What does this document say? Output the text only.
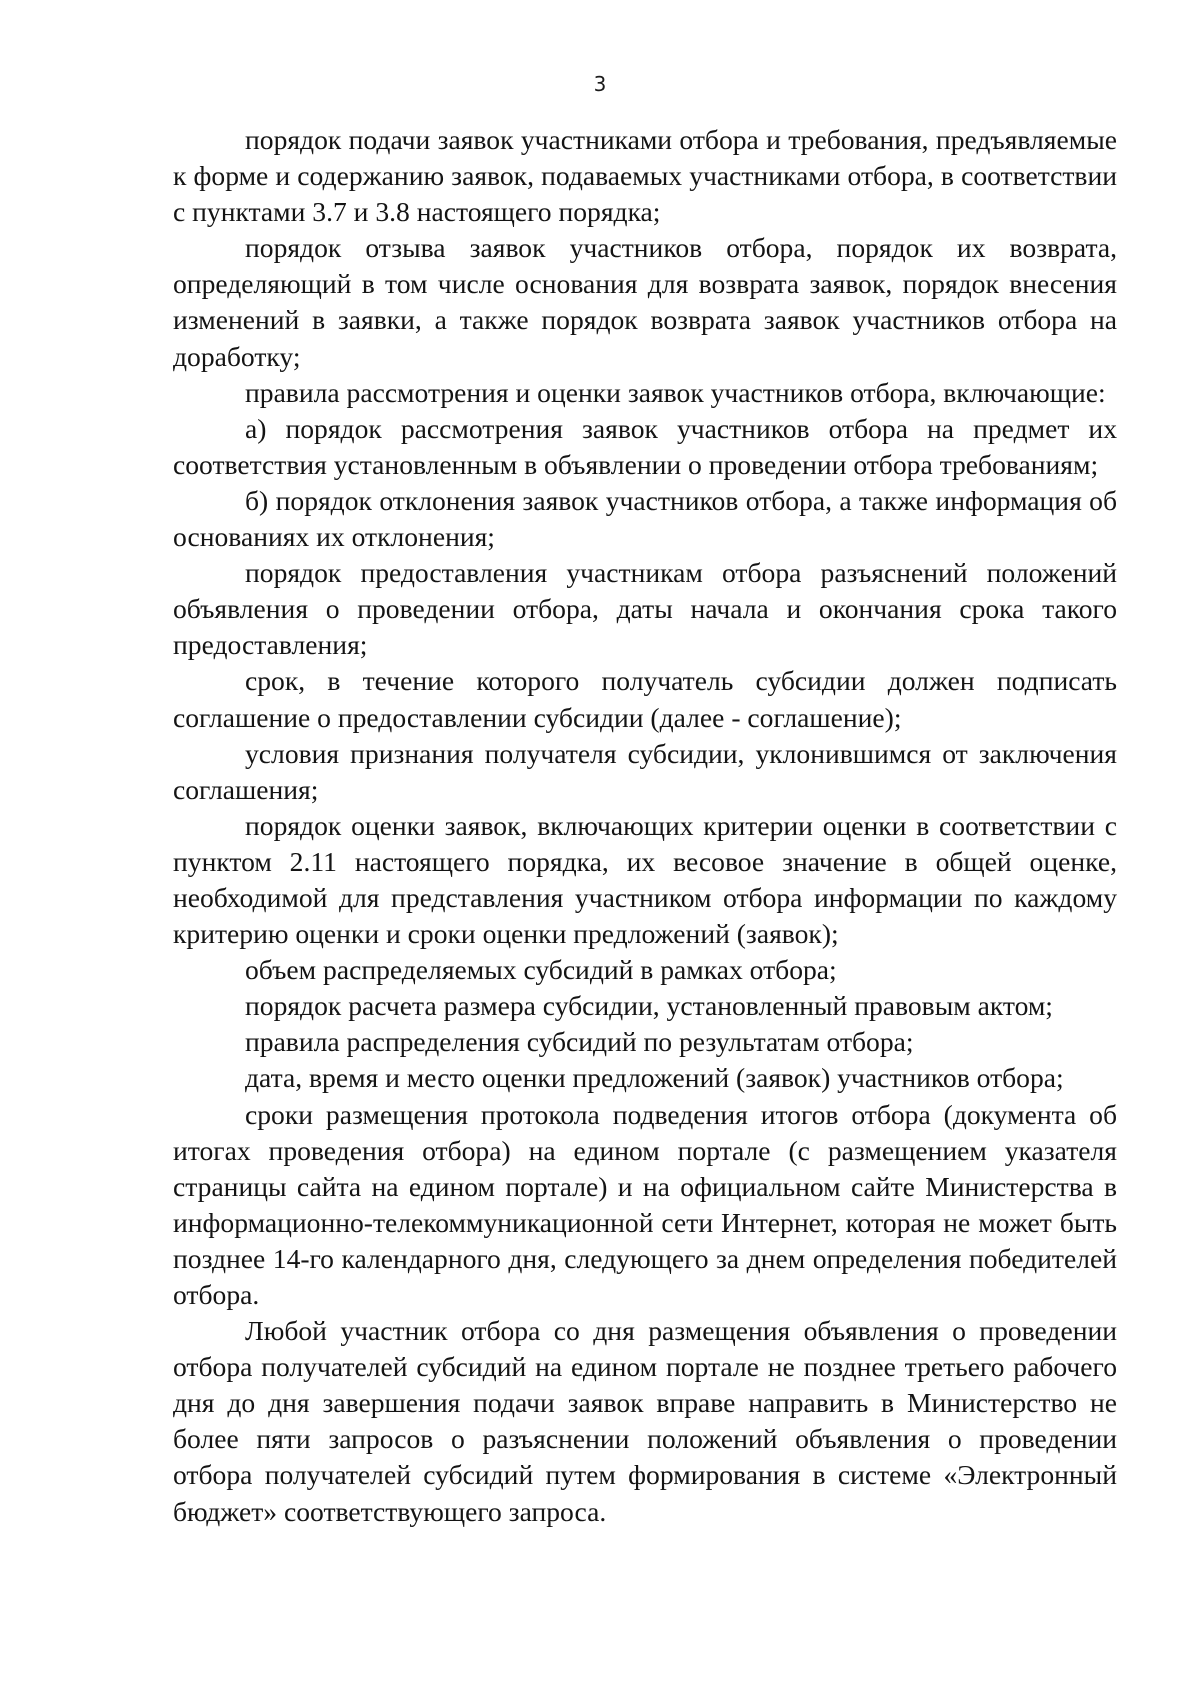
3

порядок подачи заявок участниками отбора и требования, предъявляемые к форме и содержанию заявок, подаваемых участниками отбора, в соответствии с пунктами 3.7 и 3.8 настоящего порядка;

порядок отзыва заявок участников отбора, порядок их возврата, определяющий в том числе основания для возврата заявок, порядок внесения изменений в заявки, а также порядок возврата заявок участников отбора на доработку;

правила рассмотрения и оценки заявок участников отбора, включающие:

а) порядок рассмотрения заявок участников отбора на предмет их соответствия установленным в объявлении о проведении отбора требованиям;

б) порядок отклонения заявок участников отбора, а также информация об основаниях их отклонения;

порядок предоставления участникам отбора разъяснений положений объявления о проведении отбора, даты начала и окончания срока такого предоставления;

срок, в течение которого получатель субсидии должен подписать соглашение о предоставлении субсидии (далее - соглашение);

условия признания получателя субсидии, уклонившимся от заключения соглашения;

порядок оценки заявок, включающих критерии оценки в соответствии с пунктом 2.11 настоящего порядка, их весовое значение в общей оценке, необходимой для представления участником отбора информации по каждому критерию оценки и сроки оценки предложений (заявок);

объем распределяемых субсидий в рамках отбора;

порядок расчета размера субсидии, установленный правовым актом;

правила распределения субсидий по результатам отбора;

дата, время и место оценки предложений (заявок) участников отбора;

сроки размещения протокола подведения итогов отбора (документа об итогах проведения отбора) на едином портале (с размещением указателя страницы сайта на едином портале) и на официальном сайте Министерства в информационно-телекоммуникационной сети Интернет, которая не может быть позднее 14-го календарного дня, следующего за днем определения победителей отбора.

Любой участник отбора со дня размещения объявления о проведении отбора получателей субсидий на едином портале не позднее третьего рабочего дня до дня завершения подачи заявок вправе направить в Министерство не более пяти запросов о разъяснении положений объявления о проведении отбора получателей субсидий путем формирования в системе «Электронный бюджет» соответствующего запроса.
